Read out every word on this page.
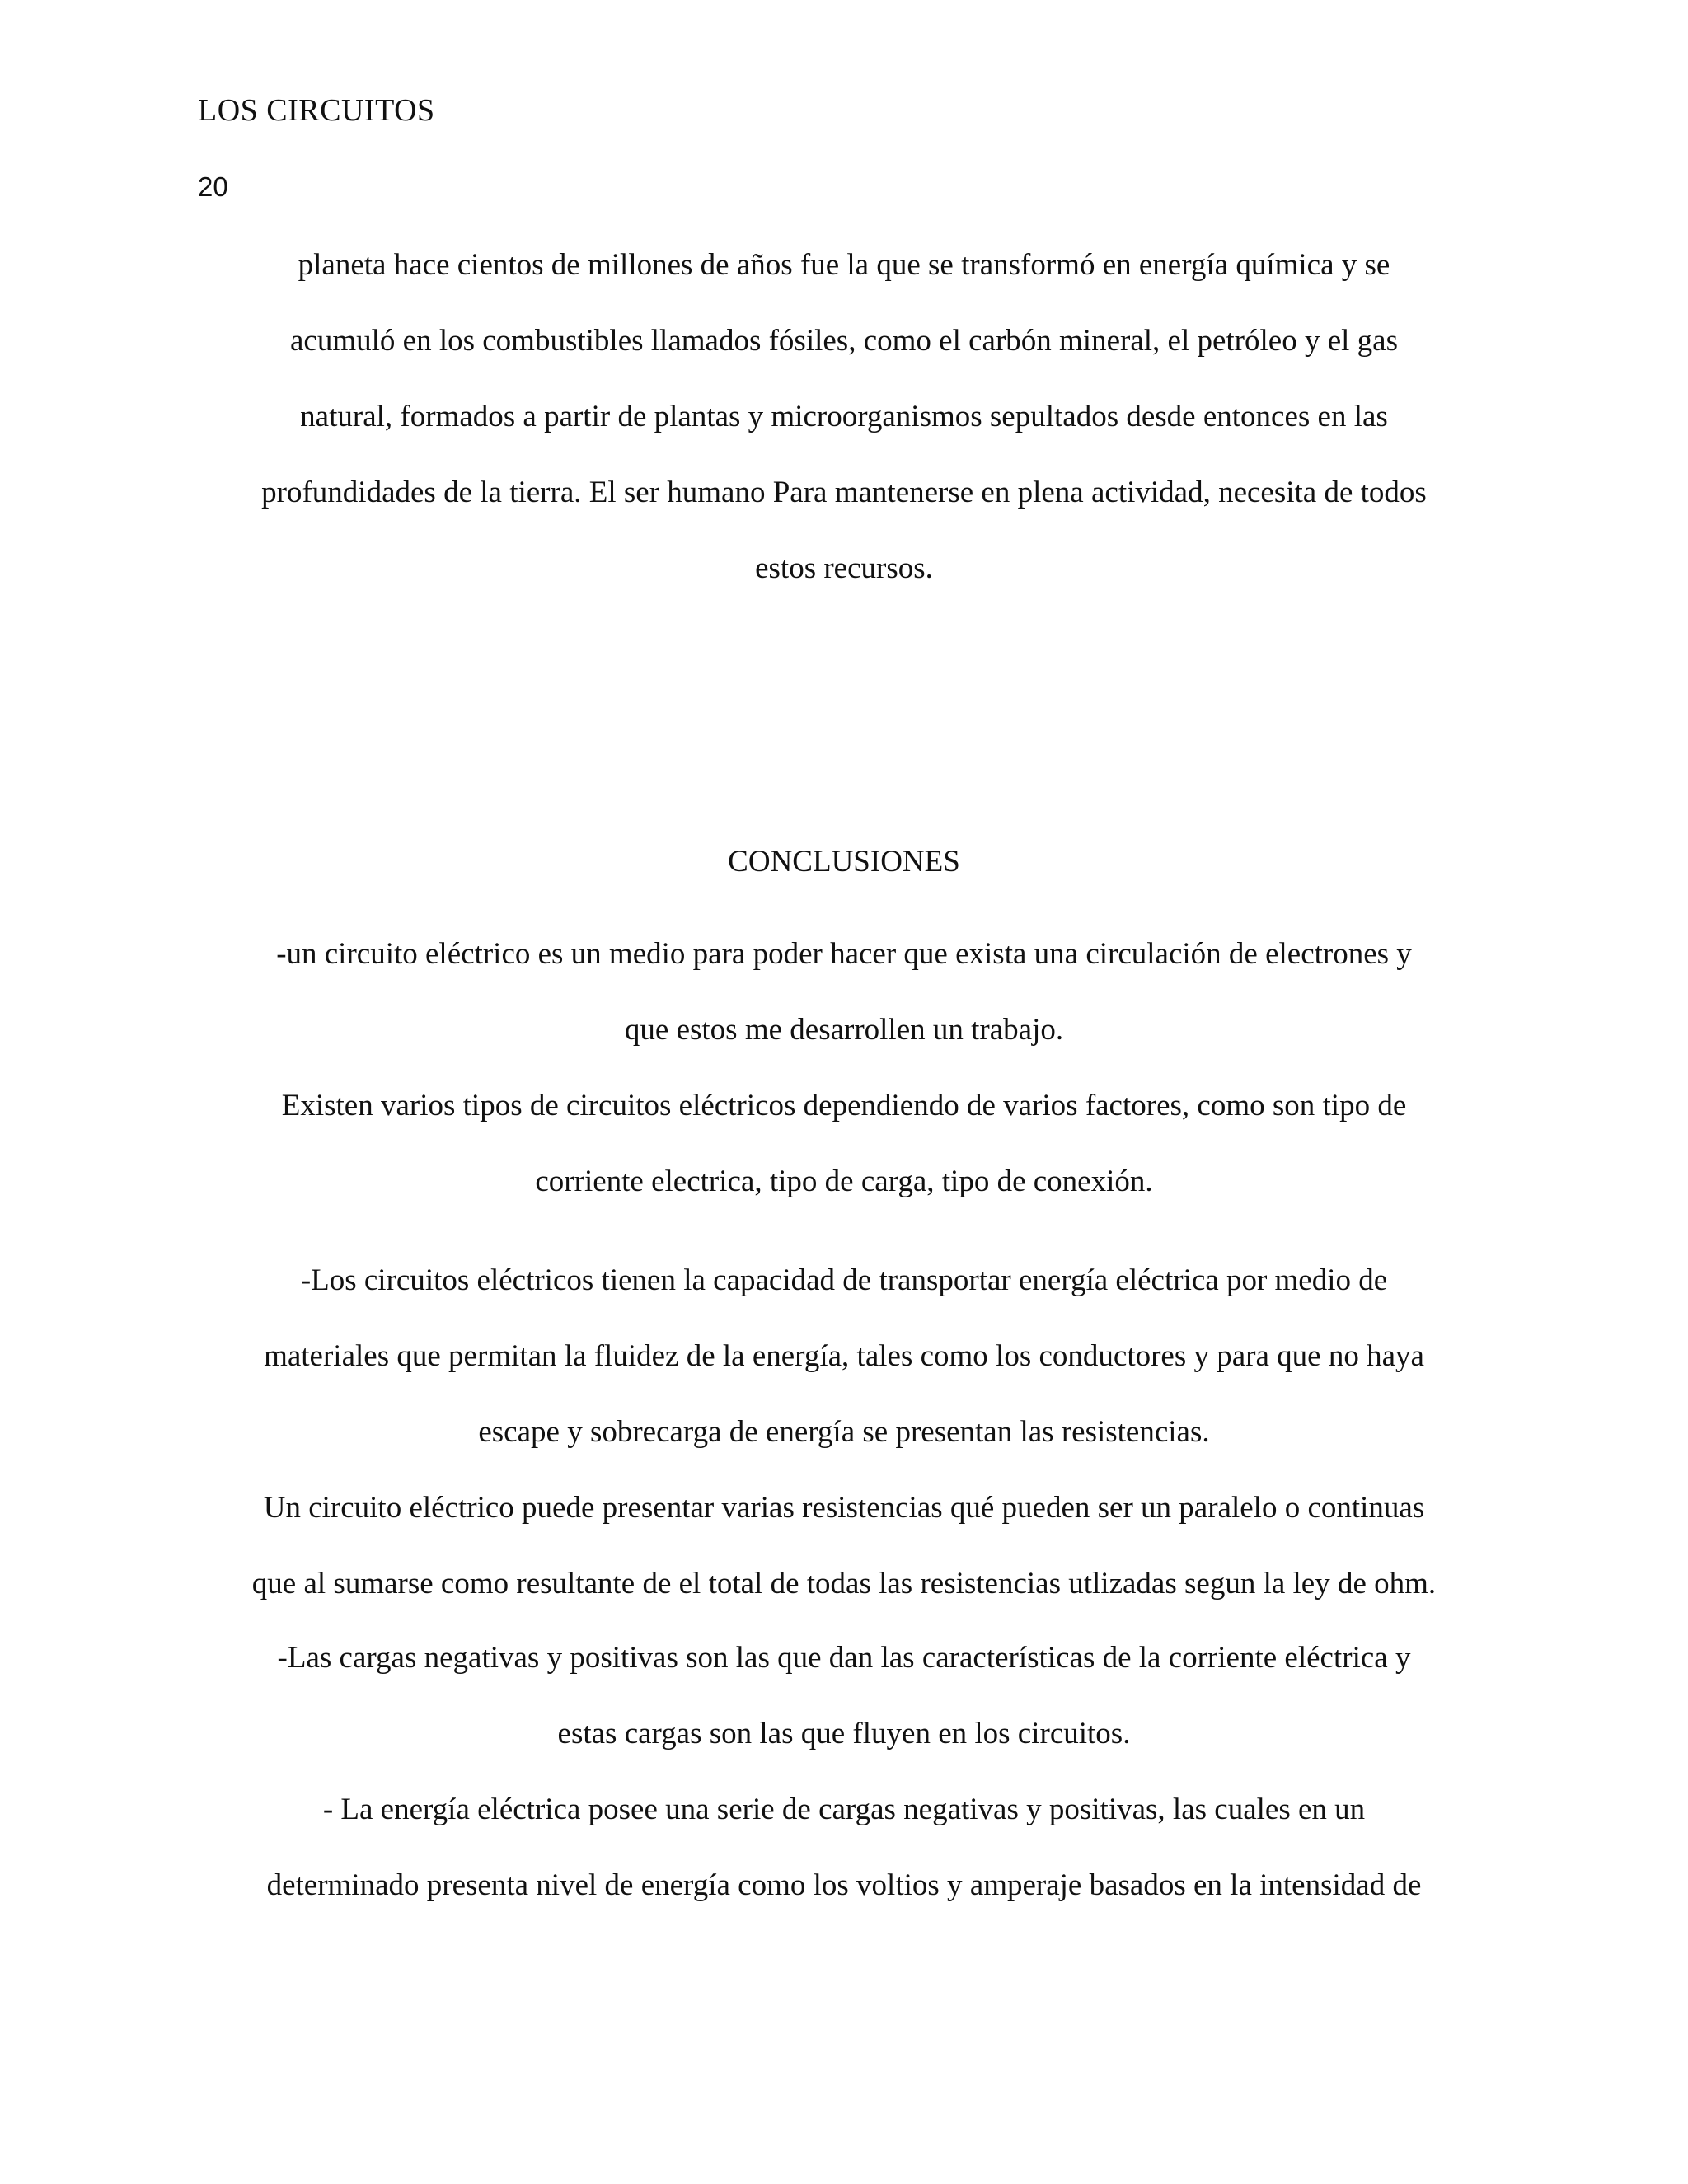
LOS CIRCUITOS
20
planeta hace cientos de millones de años fue la que se transformó en energía química y se
acumuló en los combustibles llamados fósiles, como el carbón mineral, el petróleo y el gas
natural, formados a partir de plantas y microorganismos sepultados desde entonces en las
profundidades de la tierra. El ser humano Para mantenerse en plena actividad, necesita de todos
estos recursos.
CONCLUSIONES
-un circuito eléctrico es un medio para poder hacer que exista una circulación de electrones y
que estos me desarrollen un trabajo.
Existen varios tipos de circuitos eléctricos dependiendo de varios factores, como son tipo de
corriente electrica, tipo de carga, tipo de conexión.
-Los circuitos eléctricos tienen la capacidad de transportar energía eléctrica por medio de
materiales que permitan la fluidez de la energía, tales como los conductores y para que no haya
escape y sobrecarga de energía se presentan las resistencias.
Un circuito eléctrico puede presentar varias resistencias qué pueden ser un paralelo o continuas
que al sumarse como resultante de el total de todas las resistencias utlizadas segun la ley de ohm.
-Las cargas negativas y positivas son las que dan las características de la corriente eléctrica y
estas cargas son las que fluyen en los circuitos.
- La energía eléctrica posee una serie de cargas negativas y positivas, las cuales en un
determinado presenta nivel de energía como los voltios y amperaje basados en la intensidad de
